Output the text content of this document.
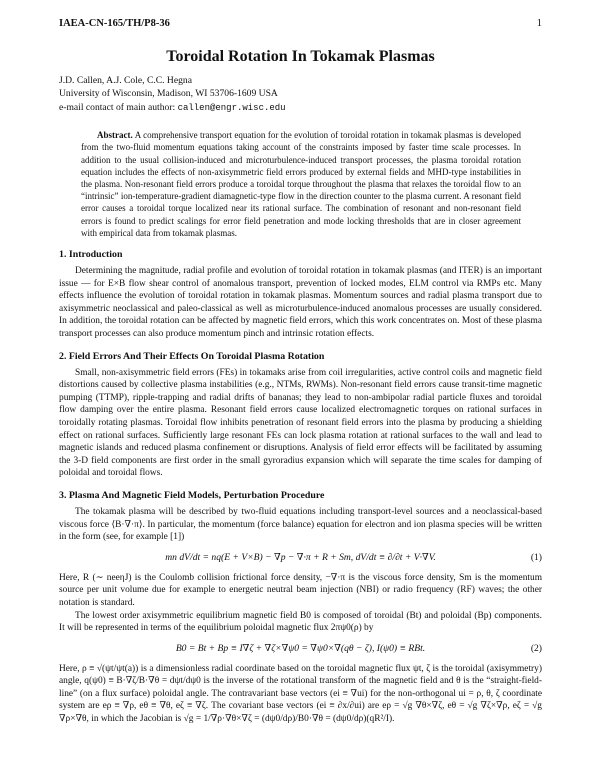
IAEA-CN-165/TH/P8-36	1
Toroidal Rotation In Tokamak Plasmas
J.D. Callen, A.J. Cole, C.C. Hegna
University of Wisconsin, Madison, WI 53706-1609 USA
e-mail contact of main author: callen@engr.wisc.edu
Abstract. A comprehensive transport equation for the evolution of toroidal rotation in tokamak plasmas is developed from the two-fluid momentum equations taking account of the constraints imposed by faster time scale processes. In addition to the usual collision-induced and microturbulence-induced transport processes, the plasma toroidal rotation equation includes the effects of non-axisymmetric field errors produced by external fields and MHD-type instabilities in the plasma. Non-resonant field errors produce a toroidal torque throughout the plasma that relaxes the toroidal flow to an “intrinsic” ion-temperature-gradient diamagnetic-type flow in the direction counter to the plasma current. A resonant field error causes a toroidal torque localized near its rational surface. The combination of resonant and non-resonant field errors is found to predict scalings for error field penetration and mode locking thresholds that are in closer agreement with empirical data from tokamak plasmas.
1. Introduction

Determining the magnitude, radial profile and evolution of toroidal rotation in tokamak plasmas (and ITER) is an important issue — for E×B flow shear control of anomalous transport, prevention of locked modes, ELM control via RMPs etc. Many effects influence the evolution of toroidal rotation in tokamak plasmas. Momentum sources and radial plasma transport due to axisymmetric neoclassical and paleo-classical as well as microturbulence-induced anomalous processes are usually considered. In addition, the toroidal rotation can be affected by magnetic field errors, which this work concentrates on. Most of these plasma transport processes can also produce momentum pinch and intrinsic rotation effects.

2. Field Errors And Their Effects On Toroidal Plasma Rotation

Small, non-axisymmetric field errors (FEs) in tokamaks arise from coil irregularities, active control coils and magnetic field distortions caused by collective plasma instabilities (e.g., NTMs, RWMs). Non-resonant field errors cause transit-time magnetic pumping (TTMP), ripple-trapping and radial drifts of bananas; they lead to non-ambipolar radial particle fluxes and toroidal flow damping over the entire plasma. Resonant field errors cause localized electromagnetic torques on rational surfaces in toroidally rotating plasmas. Toroidal flow inhibits penetration of resonant field errors into the plasma by producing a shielding effect on rational surfaces. Sufficiently large resonant FEs can lock plasma rotation at rational surfaces to the wall and lead to magnetic islands and reduced plasma confinement or disruptions. Analysis of field error effects will be facilitated by assuming the 3-D field components are first order in the small gyroradius expansion which will separate the time scales for damping of poloidal and toroidal flows.

3. Plasma And Magnetic Field Models, Perturbation Procedure

The tokamak plasma will be described by two-fluid equations including transport-level sources and a neoclassical-based viscous force ⟨B·∇·π⟩. In particular, the momentum (force balance) equation for electron and ion plasma species will be written in the form (see, for example [1])

mn dV/dt = nq(E + V×B) − ∇p − ∇·π + R + Sm, dV/dt ≡ ∂/∂t + V·∇V.	(1)

Here, R (∼ neeηJ) is the Coulomb collision frictional force density, −∇·π is the viscous force density, Sm is the momentum source per unit volume due for example to energetic neutral beam injection (NBI) or radio frequency (RF) waves; the other notation is standard.

The lowest order axisymmetric equilibrium magnetic field B0 is composed of toroidal (Bt) and poloidal (Bp) components. It will be represented in terms of the equilibrium poloidal magnetic flux 2πψ0(ρ) by

B0 = Bt + Bp ≡ I∇ζ + ∇ζ×∇ψ0 = ∇ψ0×∇(qθ − ζ), I(ψ0) ≡ RBt.	(2)

Here, ρ ≡ √(ψt/ψt(a)) is a dimensionless radial coordinate based on the toroidal magnetic flux ψt, ζ is the toroidal (axisymmetry) angle, q(ψ0) ≡ B·∇ζ/B·∇θ = dψt/dψ0 is the inverse of the rotational transform of the magnetic field and θ is the “straight-field-line” (on a flux surface) poloidal angle. The contravariant base vectors (ei ≡ ∇ui) for the non-orthogonal ui = ρ, θ, ζ coordinate system are eρ ≡ ∇ρ, eθ ≡ ∇θ, eζ ≡ ∇ζ. The covariant base vectors (ei ≡ ∂x/∂ui) are eρ = √g ∇θ×∇ζ, eθ = √g ∇ζ×∇ρ, eζ = √g ∇ρ×∇θ, in which the Jacobian is √g = 1/∇ρ·∇θ×∇ζ = (dψ0/dρ)/B0·∇θ = (dψ0/dρ)(qR²/I).
